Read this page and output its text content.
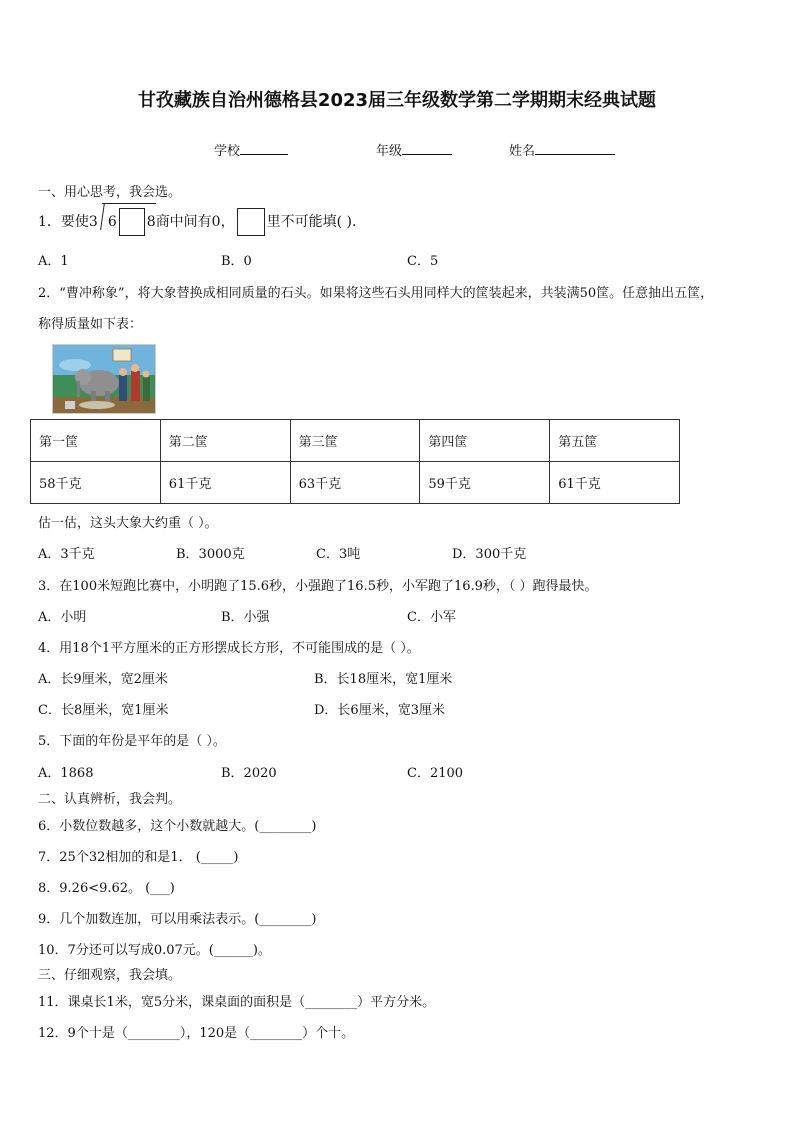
甘孜藏族自治州德格县2023届三年级数学第二学期期末经典试题
学校	年级	姓名
一、用心思考，我会选。
1．要使3 6 8商中间有0， 里不可能填( )．
A．1	B．0	C．5
2．“曹冲称象”，将大象替换成相同质量的石头。如果将这些石头用同样大的筐装起来，共装满50筐。任意抽出五筐，
称得质量如下表：
第一筐	第二筐	第三筐	第四筐	第五筐
58千克	61千克	63千克	59千克	61千克
估一估，这头大象大约重（ ）。
A．3千克	B．3000克	C．3吨	D．300千克
3．在100米短跑比赛中，小明跑了15.6秒，小强跑了16.5秒，小军跑了16.9秒，（ ）跑得最快。
A．小明	B．小强	C．小军
4．用18个1平方厘米的正方形摆成长方形，不可能围成的是（ ）。
A．长9厘米，宽2厘米	B．长18厘米，宽1厘米
C．长8厘米，宽1厘米	D．长6厘米，宽3厘米
5．下面的年份是平年的是（ ）。
A．1868	B．2020	C．2100
二、认真辨析，我会判。
6．小数位数越多，这个小数就越大。(________)
7．25个32相加的和是1． (_____)
8．9.26<9.62。 (___)
9．几个加数连加，可以用乘法表示。(________)
10．7分还可以写成0.07元。(______)。
三、仔细观察，我会填。
11．课桌长1米，宽5分米，课桌面的面积是（________）平方分米。
12．9个十是（________），120是（________）个十。
